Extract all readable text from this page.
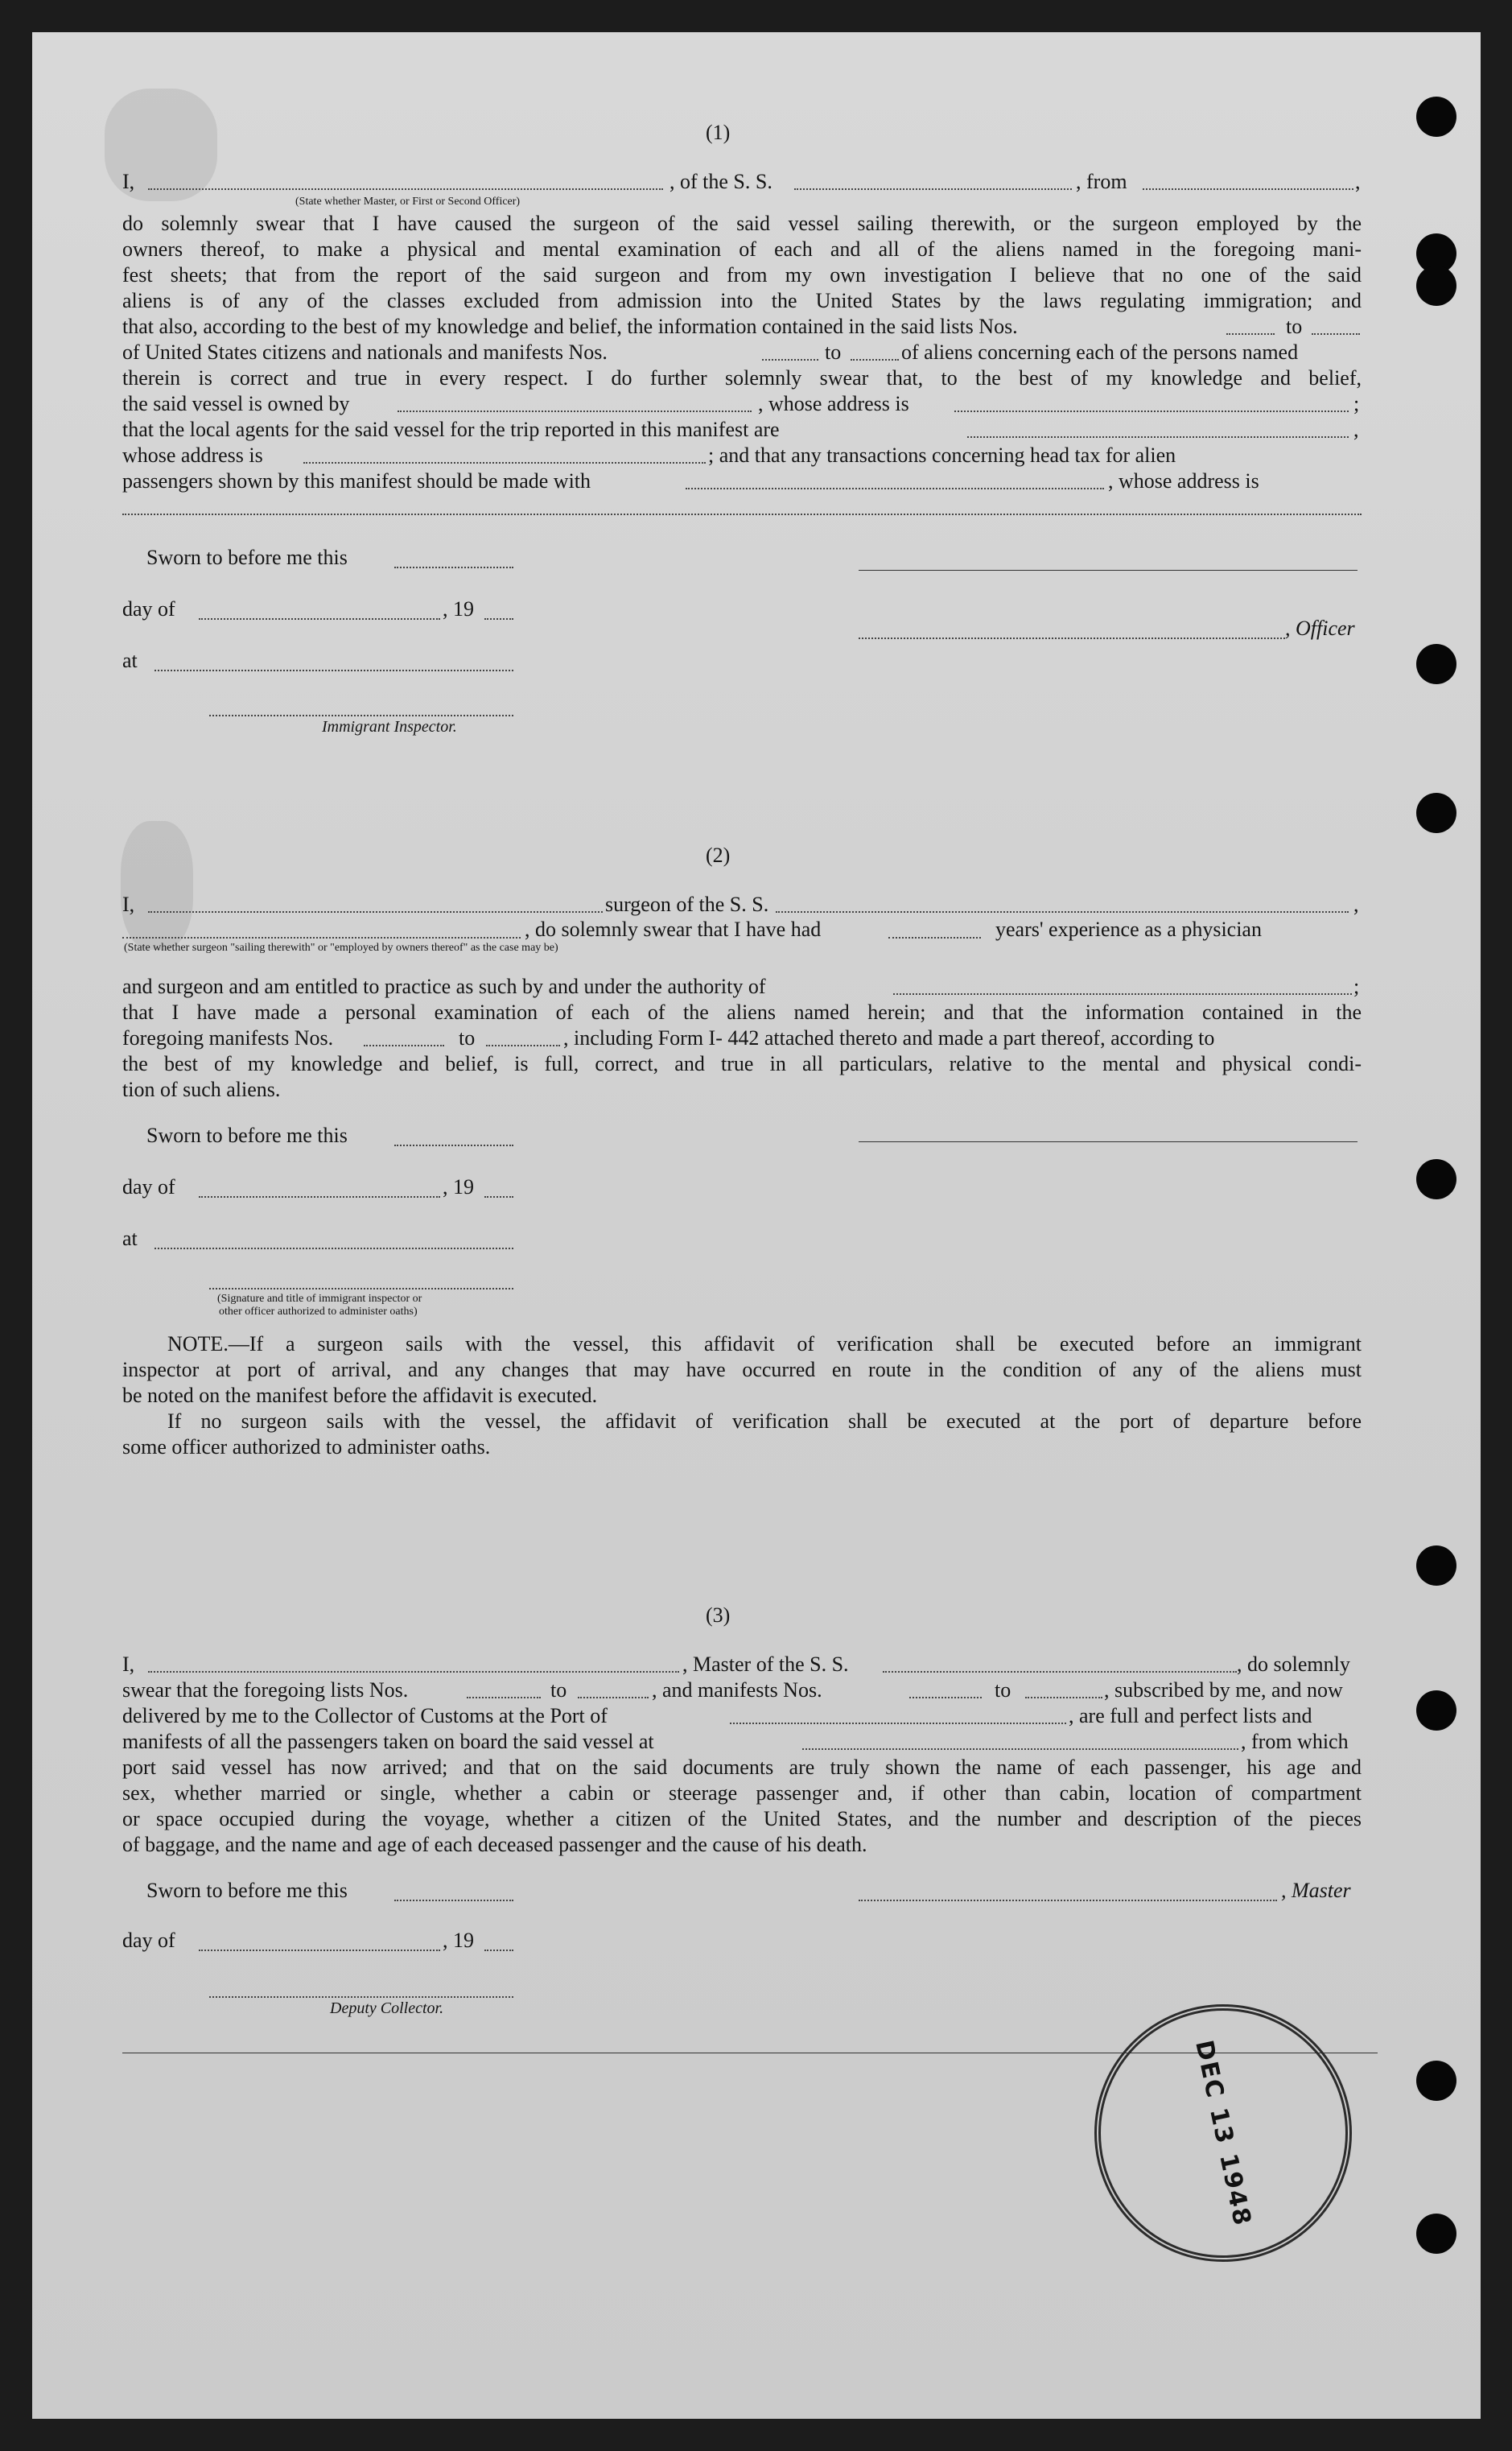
(1)
I,	, of the S. S.	, from	,
(State whether Master, or First or Second Officer)
do solemnly swear that I have caused the surgeon of the said vessel sailing therewith, or the surgeon employed by the
owners thereof, to make a physical and mental examination of each and all of the aliens named in the foregoing mani-
fest sheets; that from the report of the said surgeon and from my own investigation I believe that no one of the said
aliens is of any of the classes excluded from admission into the United States by the laws regulating immigration; and
that also, according to the best of my knowledge and belief, the information contained in the said lists Nos.	to
of United States citizens and nationals and manifests Nos.	to	of aliens concerning each of the persons named
therein is correct and true in every respect. I do further solemnly swear that, to the best of my knowledge and belief,
the said vessel is owned by	, whose address is	;
that the local agents for the said vessel for the trip reported in this manifest are	,
whose address is	; and that any transactions concerning head tax for alien
passengers shown by this manifest should be made with	, whose address is
Sworn to before me this
day of	, 19
, Officer
at
Immigrant Inspector.
(2)
I,	surgeon of the S. S.	,
, do solemnly swear that I have had	years' experience as a physician
(State whether surgeon "sailing therewith" or "employed by owners thereof" as the case may be)
and surgeon and am entitled to practice as such by and under the authority of	;
that I have made a personal examination of each of the aliens named herein; and that the information contained in the
foregoing manifests Nos.	to	, including Form I- 442 attached thereto and made a part thereof, according to
the best of my knowledge and belief, is full, correct, and true in all particulars, relative to the mental and physical condi-
tion of such aliens.
Sworn to before me this
day of	, 19
at
(Signature and title of immigrant inspector or
other officer authorized to administer oaths)
NOTE.—If a surgeon sails with the vessel, this affidavit of verification shall be executed before an immigrant
inspector at port of arrival, and any changes that may have occurred en route in the condition of any of the aliens must
be noted on the manifest before the affidavit is executed.
If no surgeon sails with the vessel, the affidavit of verification shall be executed at the port of departure before
some officer authorized to administer oaths.
(3)
I,	, Master of the S. S.	, do solemnly
swear that the foregoing lists Nos.	to	, and manifests Nos.	to	, subscribed by me, and now
delivered by me to the Collector of Customs at the Port of	, are full and perfect lists and
manifests of all the passengers taken on board the said vessel at	, from which
port said vessel has now arrived; and that on the said documents are truly shown the name of each passenger, his age and
sex, whether married or single, whether a cabin or steerage passenger and, if other than cabin, location of compartment
or space occupied during the voyage, whether a citizen of the United States, and the number and description of the pieces
of baggage, and the name and age of each deceased passenger and the cause of his death.
Sworn to before me this	, Master
day of	, 19
Deputy Collector.
DEC 13 1948
